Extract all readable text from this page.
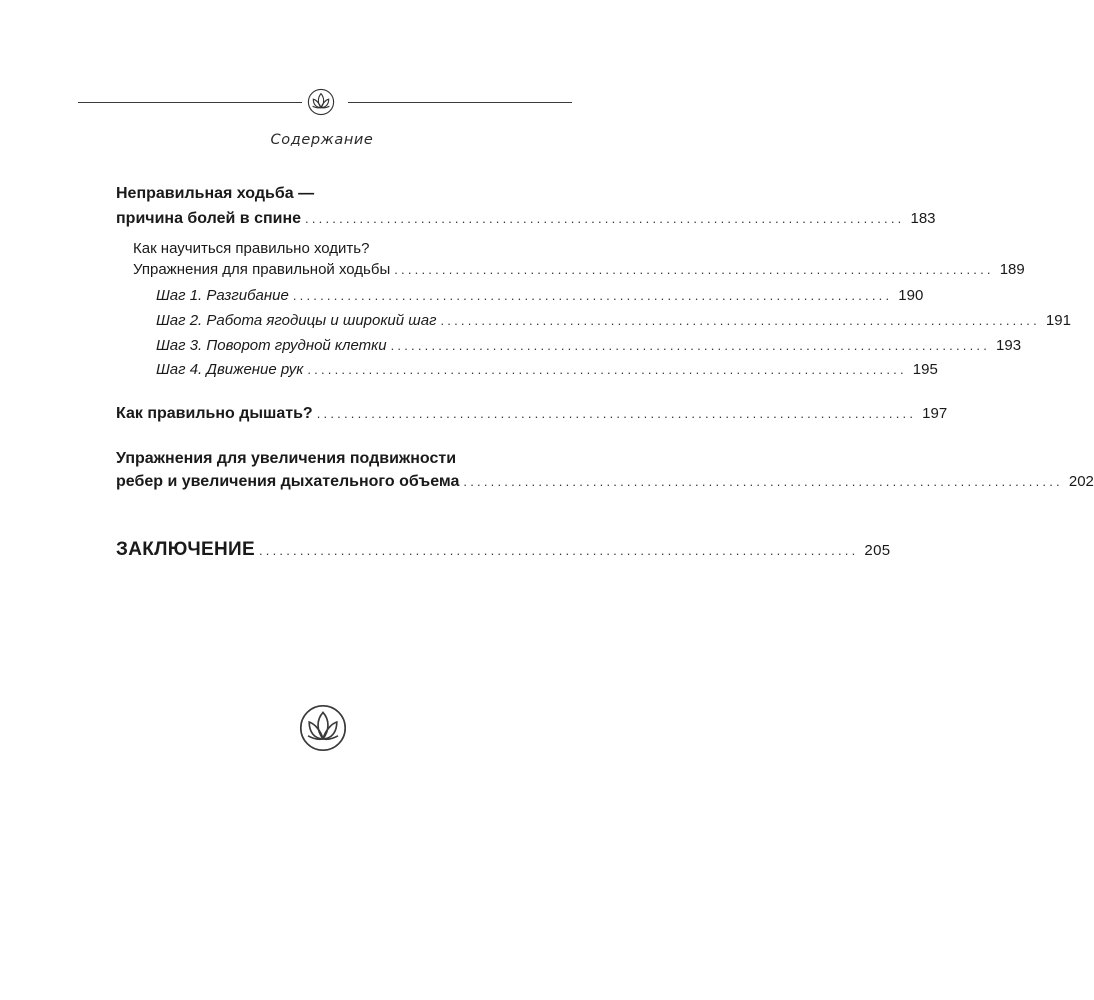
Содержание
Неправильная ходьба —
причина болей в спине ........................................................................................ 183
Как научиться правильно ходить?
Упражнения для правильной ходьбы ........................................................................................ 189
Шаг 1. Разгибание ........................................................................................ 190
Шаг 2. Работа ягодицы и широкий шаг ........................................................................................ 191
Шаг 3. Поворот грудной клетки ........................................................................................ 193
Шаг 4. Движение рук ........................................................................................ 195
Как правильно дышать? ........................................................................................ 197
Упражнения для увеличения подвижности
ребер и увеличения дыхательного объема ........................................................................................ 202
ЗАКЛЮЧЕНИЕ ........................................................................................ 205
